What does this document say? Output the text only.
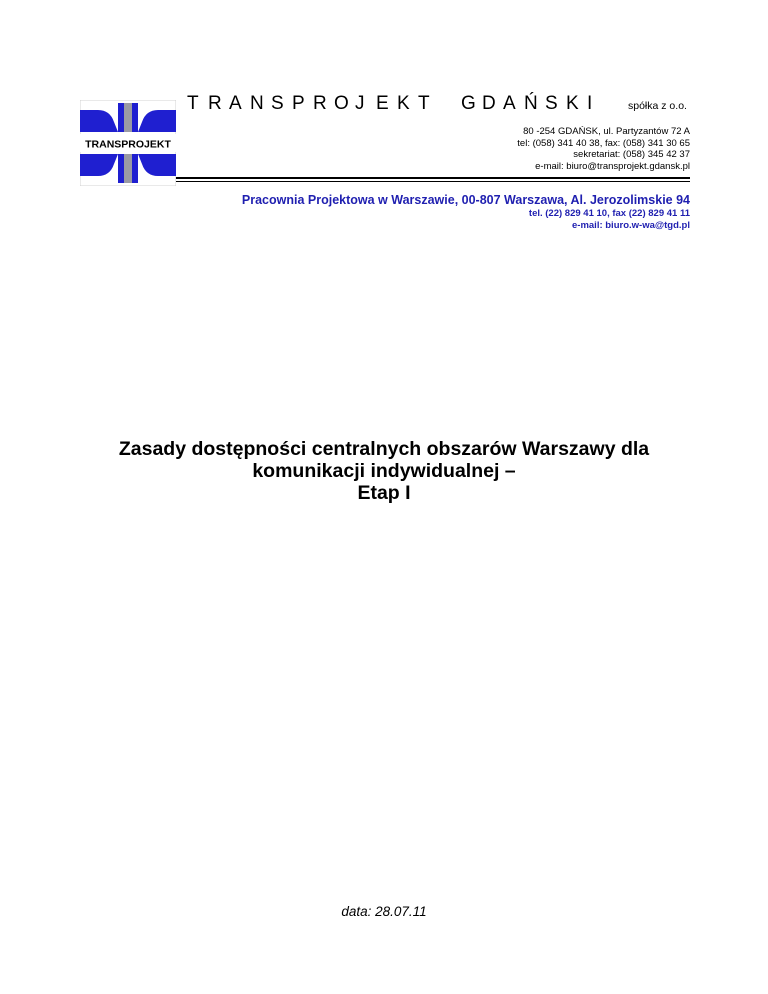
TRANSPROJEKT
T R A N S P R O J E K T G D A Ń S K I	spółka z o.o.
80 -254 GDAŃSK, ul. Partyzantów 72 A
tel: (058) 341 40 38, fax: (058) 341 30 65
sekretariat: (058) 345 42 37
e-mail: biuro@transprojekt.gdansk.pl
Pracownia Projektowa w Warszawie, 00-807 Warszawa, Al. Jerozolimskie 94
tel. (22) 829 41 10, fax (22) 829 41 11
e-mail: biuro.w-wa@tgd.pl
Zasady dostępności centralnych obszarów Warszawy dla
komunikacji indywidualnej –
Etap I
data: 28.07.11
